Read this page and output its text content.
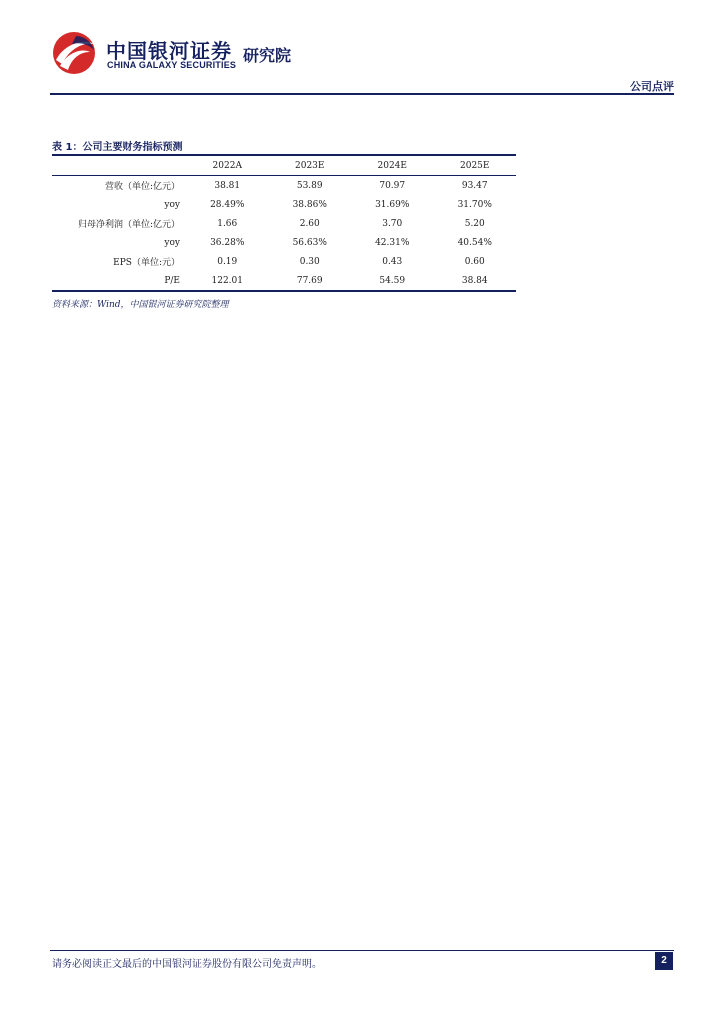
中国银河证券
CHINA GALAXY SECURITIES 研究院
公司点评
表 1：公司主要财务指标预测
	2022A	2023E	2024E	2025E
营收（单位:亿元）	38.81	53.89	70.97	93.47
yoy	28.49%	38.86%	31.69%	31.70%
归母净利润（单位:亿元）	1.66	2.60	3.70	5.20
yoy	36.28%	56.63%	42.31%	40.54%
EPS（单位:元）	0.19	0.30	0.43	0.60
P/E	122.01	77.69	54.59	38.84
资料来源：Wind，中国银河证券研究院整理
请务必阅读正文最后的中国银河证券股份有限公司免责声明。	2
